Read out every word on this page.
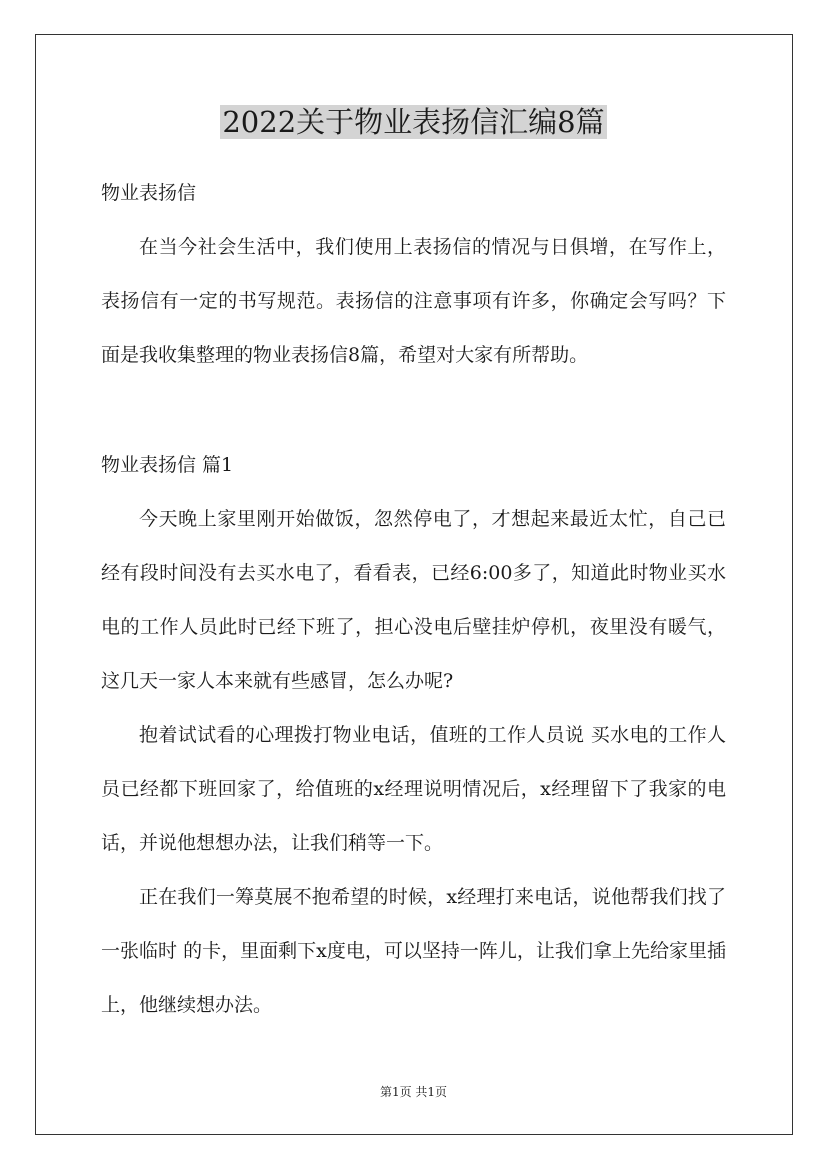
2022关于物业表扬信汇编8篇
物业表扬信
在当今社会生活中，我们使用上表扬信的情况与日俱增，在写作上，表扬信有一定的书写规范。表扬信的注意事项有许多，你确定会写吗？下面是我收集整理的物业表扬信8篇，希望对大家有所帮助。
物业表扬信 篇1
今天晚上家里刚开始做饭，忽然停电了，才想起来最近太忙，自己已经有段时间没有去买水电了，看看表，已经6:00多了，知道此时物业买水电的工作人员此时已经下班了，担心没电后壁挂炉停机，夜里没有暖气，这几天一家人本来就有些感冒，怎么办呢?
抱着试试看的心理拨打物业电话，值班的工作人员说 买水电的工作人员已经都下班回家了，给值班的x经理说明情况后，x经理留下了我家的电话，并说他想想办法，让我们稍等一下。
正在我们一筹莫展不抱希望的时候，x经理打来电话，说他帮我们找了一张临时 的卡，里面剩下x度电，可以坚持一阵儿，让我们拿上先给家里插上，他继续想办法。
第1页 共1页
